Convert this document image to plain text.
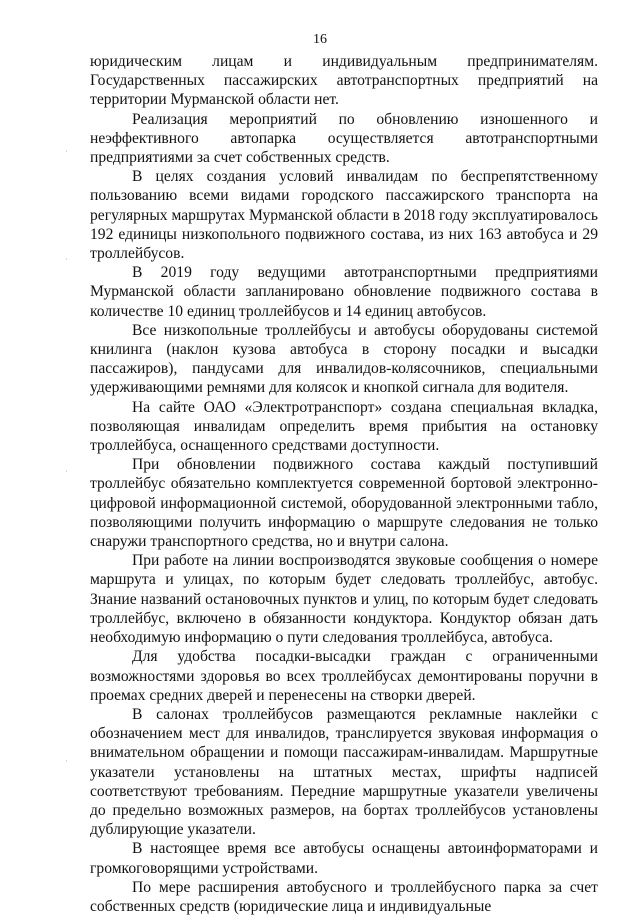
16

юридическим лицам и индивидуальным предпринимателям. Государственных пассажирских автотранспортных предприятий на территории Мурманской области нет.

Реализация мероприятий по обновлению изношенного и неэффективного автопарка осуществляется автотранспортными предприятиями за счет собственных средств.

В целях создания условий инвалидам по беспрепятственному пользованию всеми видами городского пассажирского транспорта на регулярных маршрутах Мурманской области в 2018 году эксплуатировалось 192 единицы низкопольного подвижного состава, из них 163 автобуса и 29 троллейбусов.

В 2019 году ведущими автотранспортными предприятиями Мурманской области запланировано обновление подвижного состава в количестве 10 единиц троллейбусов и 14 единиц автобусов.

Все низкопольные троллейбусы и автобусы оборудованы системой книлинга (наклон кузова автобуса в сторону посадки и высадки пассажиров), пандусами для инвалидов-колясочников, специальными удерживающими ремнями для колясок и кнопкой сигнала для водителя.

На сайте ОАО «Электротранспорт» создана специальная вкладка, позволяющая инвалидам определить время прибытия на остановку троллейбуса, оснащенного средствами доступности.

При обновлении подвижного состава каждый поступивший троллейбус обязательно комплектуется современной бортовой электронно-цифровой информационной системой, оборудованной электронными табло, позволяющими получить информацию о маршруте следования не только снаружи транспортного средства, но и внутри салона.

При работе на линии воспроизводятся звуковые сообщения о номере маршрута и улицах, по которым будет следовать троллейбус, автобус. Знание названий остановочных пунктов и улиц, по которым будет следовать троллейбус, включено в обязанности кондуктора. Кондуктор обязан дать необходимую информацию о пути следования троллейбуса, автобуса.

Для удобства посадки-высадки граждан с ограниченными возможностями здоровья во всех троллейбусах демонтированы поручни в проемах средних дверей и перенесены на створки дверей.

В салонах троллейбусов размещаются рекламные наклейки с обозначением мест для инвалидов, транслируется звуковая информация о внимательном обращении и помощи пассажирам-инвалидам. Маршрутные указатели установлены на штатных местах, шрифты надписей соответствуют требованиям. Передние маршрутные указатели увеличены до предельно возможных размеров, на бортах троллейбусов установлены дублирующие указатели.

В настоящее время все автобусы оснащены автоинформаторами и громкоговорящими устройствами.

По мере расширения автобусного и троллейбусного парка за счет собственных средств (юридические лица и индивидуальные
